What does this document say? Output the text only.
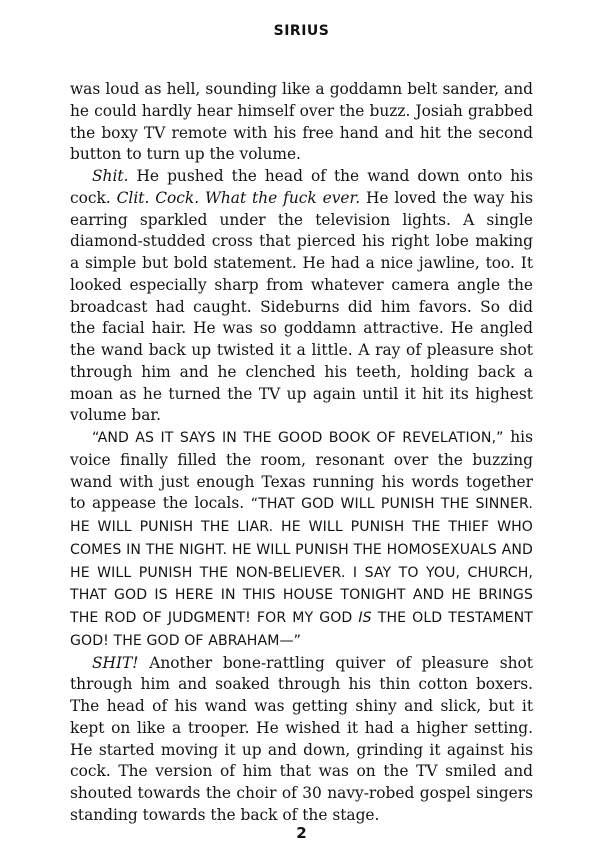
SIRIUS

was loud as hell, sounding like a goddamn belt sander, and he could hardly hear himself over the buzz. Josiah grabbed the boxy TV remote with his free hand and hit the second button to turn up the volume.

Shit. He pushed the head of the wand down onto his cock. Clit. Cock. What the fuck ever. He loved the way his earring sparkled under the television lights. A single diamond-studded cross that pierced his right lobe making a simple but bold statement. He had a nice jawline, too. It looked especially sharp from whatever camera angle the broadcast had caught. Sideburns did him favors. So did the facial hair. He was so goddamn attractive. He angled the wand back up twisted it a little. A ray of pleasure shot through him and he clenched his teeth, holding back a moan as he turned the TV up again until it hit its highest volume bar.

“AND AS IT SAYS IN THE GOOD BOOK OF REVELATION,” his voice finally filled the room, resonant over the buzzing wand with just enough Texas running his words together to appease the locals. “THAT GOD WILL PUNISH THE SINNER. HE WILL PUNISH THE LIAR. HE WILL PUNISH THE THIEF WHO COMES IN THE NIGHT. HE WILL PUNISH THE HOMOSEXUALS AND HE WILL PUNISH THE NON-BELIEVER. I SAY TO YOU, CHURCH, THAT GOD IS HERE IN THIS HOUSE TONIGHT AND HE BRINGS THE ROD OF JUDGMENT! FOR MY GOD IS THE OLD TESTAMENT GOD! THE GOD OF ABRAHAM—”

SHIT! Another bone-rattling quiver of pleasure shot through him and soaked through his thin cotton boxers. The head of his wand was getting shiny and slick, but it kept on like a trooper. He wished it had a higher setting. He started moving it up and down, grinding it against his cock. The version of him that was on the TV smiled and shouted towards the choir of 30 navy-robed gospel singers standing towards the back of the stage.

2
